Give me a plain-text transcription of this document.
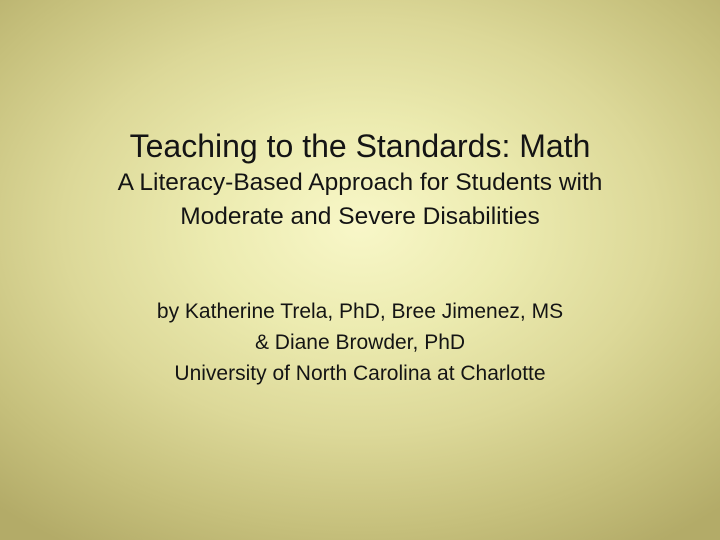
Teaching to the Standards: Math

A Literacy-Based Approach for Students with

Moderate and Severe Disabilities

by Katherine Trela, PhD, Bree Jimenez, MS

& Diane Browder, PhD

University of North Carolina at Charlotte
